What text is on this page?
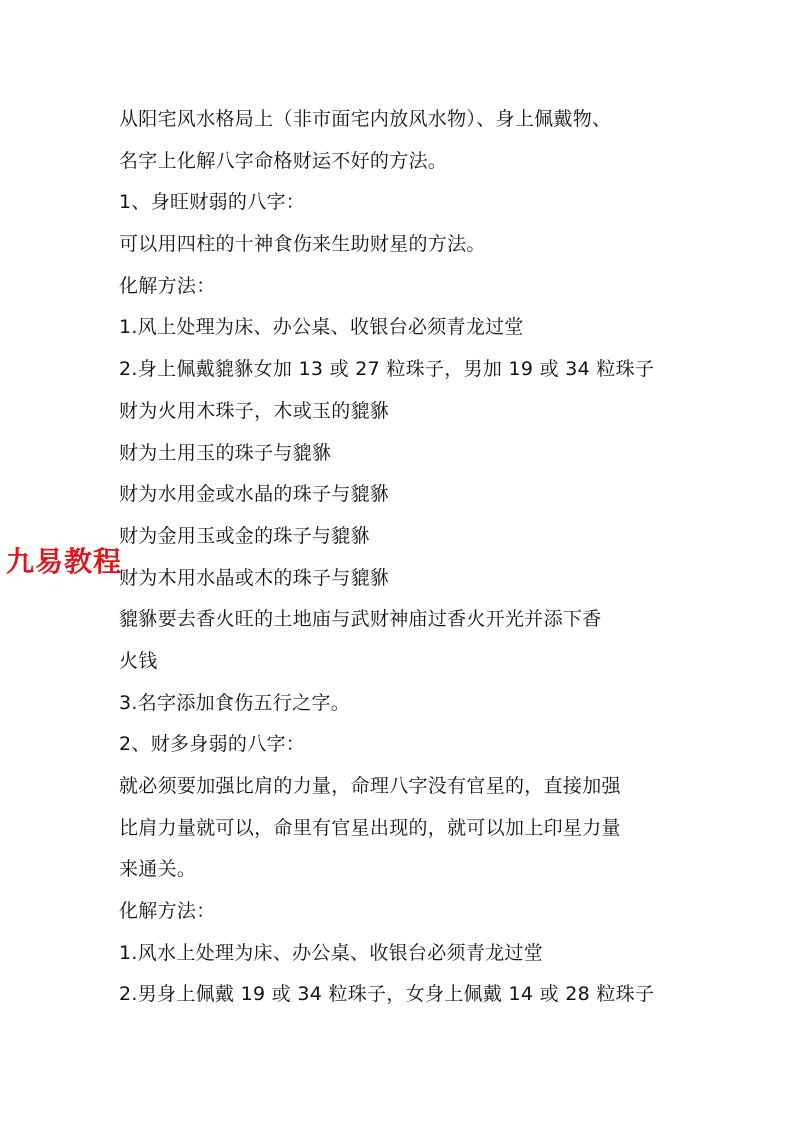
从阳宅风水格局上（非市面宅内放风水物）、身上佩戴物、
名字上化解八字命格财运不好的方法。
1、身旺财弱的八字：
可以用四柱的十神食伤来生助财星的方法。
化解方法：
1.风上处理为床、办公桌、收银台必须青龙过堂
2.身上佩戴貔貅女加 13 或 27 粒珠子，男加 19 或 34 粒珠子
财为火用木珠子，木或玉的貔貅
财为土用玉的珠子与貔貅
财为水用金或水晶的珠子与貔貅
财为金用玉或金的珠子与貔貅
财为木用水晶或木的珠子与貔貅
貔貅要去香火旺的土地庙与武财神庙过香火开光并添下香
火钱
3.名字添加食伤五行之字。
2、财多身弱的八字：
就必须要加强比肩的力量，命理八字没有官星的，直接加强
比肩力量就可以，命里有官星出现的，就可以加上印星力量
来通关。
化解方法：
1.风水上处理为床、办公桌、收银台必须青龙过堂
2.男身上佩戴 19 或 34 粒珠子，女身上佩戴 14 或 28 粒珠子
九易教程
